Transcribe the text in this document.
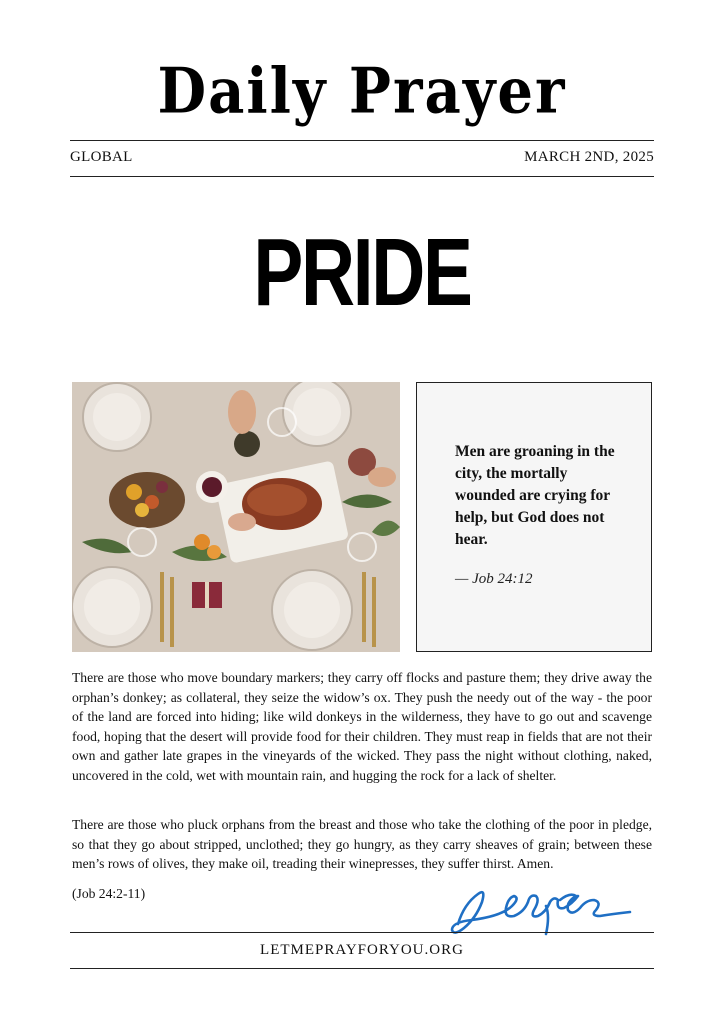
Daily Prayer
GLOBAL	MARCH 2ND, 2025
PRIDE
Men are groaning in the city, the mortally wounded are crying for help, but God does not hear.
— Job 24:12
There are those who move boundary markers; they carry off flocks and pasture them; they drive away the orphan’s donkey; as collateral, they seize the widow’s ox. They push the needy out of the way - the poor of the land are forced into hiding; like wild donkeys in the wilderness, they have to go out and scavenge food, hoping that the desert will provide food for their children. They must reap in fields that are not their own and gather late grapes in the vineyards of the wicked. They pass the night without clothing, naked, uncovered in the cold, wet with mountain rain, and hugging the rock for a lack of shelter.
There are those who pluck orphans from the breast and those who take the clothing of the poor in pledge, so that they go about stripped, unclothed; they go hungry, as they carry sheaves of grain; between these men’s rows of olives, they make oil, treading their winepresses, they suffer thirst. Amen.
(Job 24:2-11)
LETMEPRAYFORYOU.ORG
